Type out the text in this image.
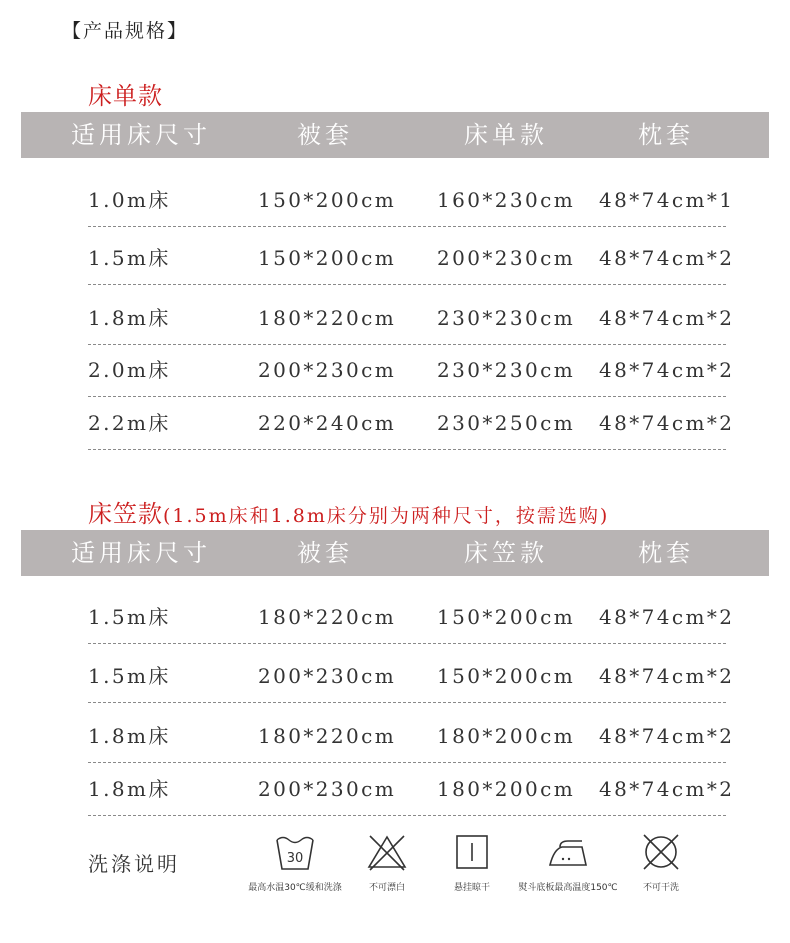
【产品规格】
床单款
适用床尺寸	被套	床单款	枕套
1.0m床	150*200cm 160*230cm 48*74cm*1
1.5m床	150*200cm 200*230cm 48*74cm*2
1.8m床	180*220cm 230*230cm 48*74cm*2
2.0m床	200*230cm 230*230cm 48*74cm*2
2.2m床	220*240cm 230*250cm 48*74cm*2
床笠款(1.5m床和1.8m床分别为两种尺寸，按需选购)
适用床尺寸	被套	床笠款	枕套
1.5m床	180*220cm 150*200cm 48*74cm*2
1.5m床	200*230cm 150*200cm 48*74cm*2
1.8m床	180*220cm 180*200cm 48*74cm*2
1.8m床	200*230cm 180*200cm 48*74cm*2
洗涤说明	30
最高水温30℃缓和洗涤	不可漂白	悬挂晾干	熨斗底板最高温度150℃	不可干洗
